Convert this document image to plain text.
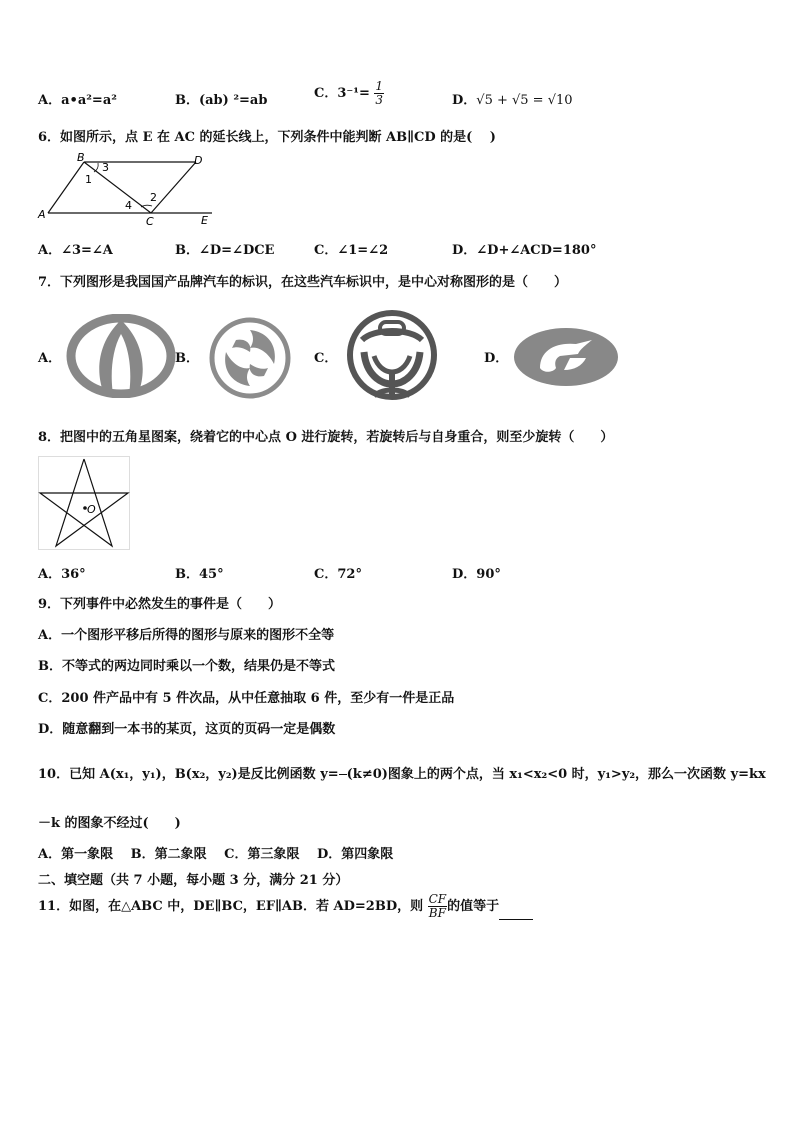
A．a•a²=a²	B．(ab) ²=ab	C．$3^{-1}= \frac{1}{3}$	D．√5 + √5 = √10
6．如图所示，点 E 在 AC 的延长线上，下列条件中能判断 AB∥CD 的是(　 )
B	D
A
C	E
3
1
4
2
A．∠3=∠A	B．∠D=∠DCE	C．∠1=∠2	D．∠D+∠ACD=180°
7．下列图形是我国国产品牌汽车的标识，在这些汽车标识中，是中心对称图形的是（　　）
A．	B．	C．	D．
8．把图中的五角星图案，绕着它的中心点 O 进行旋转，若旋转后与自身重合，则至少旋转（　　）
O
A．36°	B．45°	C．72°	D．90°
9．下列事件中必然发生的事件是（　　）
A．一个图形平移后所得的图形与原来的图形不全等
B．不等式的两边同时乘以一个数，结果仍是不等式
C．200 件产品中有 5 件次品，从中任意抽取 6 件，至少有一件是正品
D．随意翻到一本书的某页，这页的页码一定是偶数
10．已知 A(x₁，y₁)，B(x₂，y₂)是反比例函数 y= (k≠0)图象上的两个点，当 x₁<x₂<0 时，y₁>y₂，那么一次函数 y=kx
－k 的图象不经过(　　)
A．第一象限　 B．第二象限　 C．第三象限　 D．第四象限
二、填空题（共 7 小题，每小题 3 分，满分 21 分）
11．如图，在△ABC 中，DE∥BC，EF∥AB．若 AD=2BD，则 $\frac{CF}{BF}$ 的值等于
